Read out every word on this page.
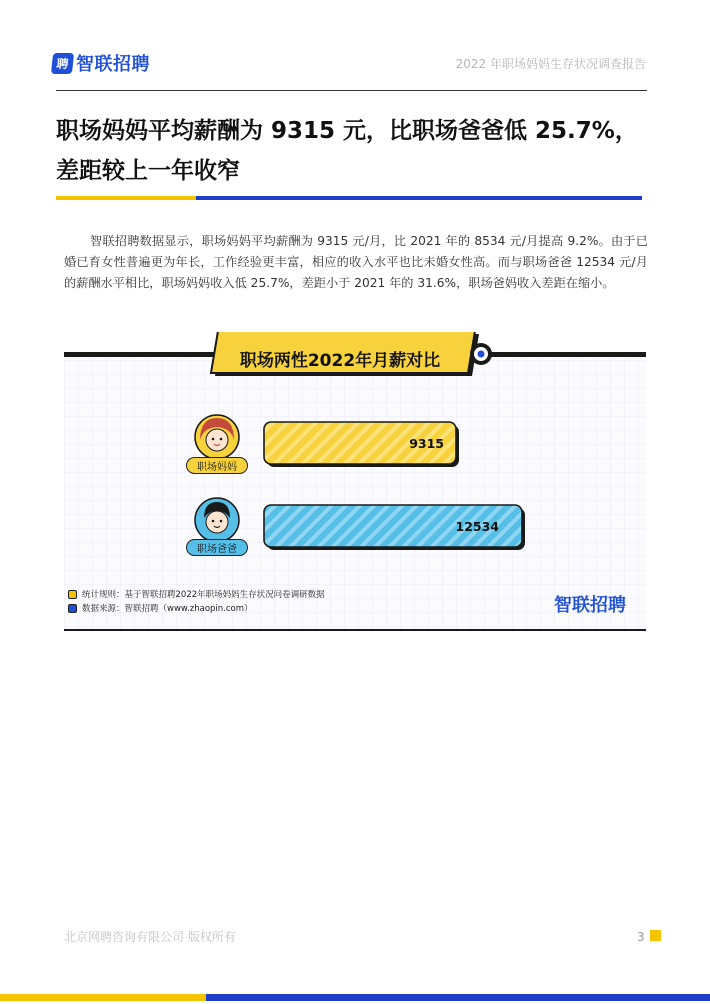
聘 智联招聘	2022 年职场妈妈生存状况调查报告
职场妈妈平均薪酬为 9315 元，比职场爸爸低 25.7%，差距较上一年收窄

智联招聘数据显示，职场妈妈平均薪酬为 9315 元/月，比 2021 年的 8534 元/月提高 9.2%。由于已婚已育女性普遍更为年长，工作经验更丰富，相应的收入水平也比未婚女性高。而与职场爸爸 12534 元/月的薪酬水平相比，职场妈妈收入低 25.7%，差距小于 2021 年的 31.6%，职场爸妈收入差距在缩小。

职场两性2022年月薪对比
职场妈妈
职场爸爸
9315
12534
统计规则：基于智联招聘2022年职场妈妈生存状况问卷调研数据
数据来源：智联招聘（www.zhaopin.com）	智联招聘
北京网聘咨询有限公司 版权所有	3
